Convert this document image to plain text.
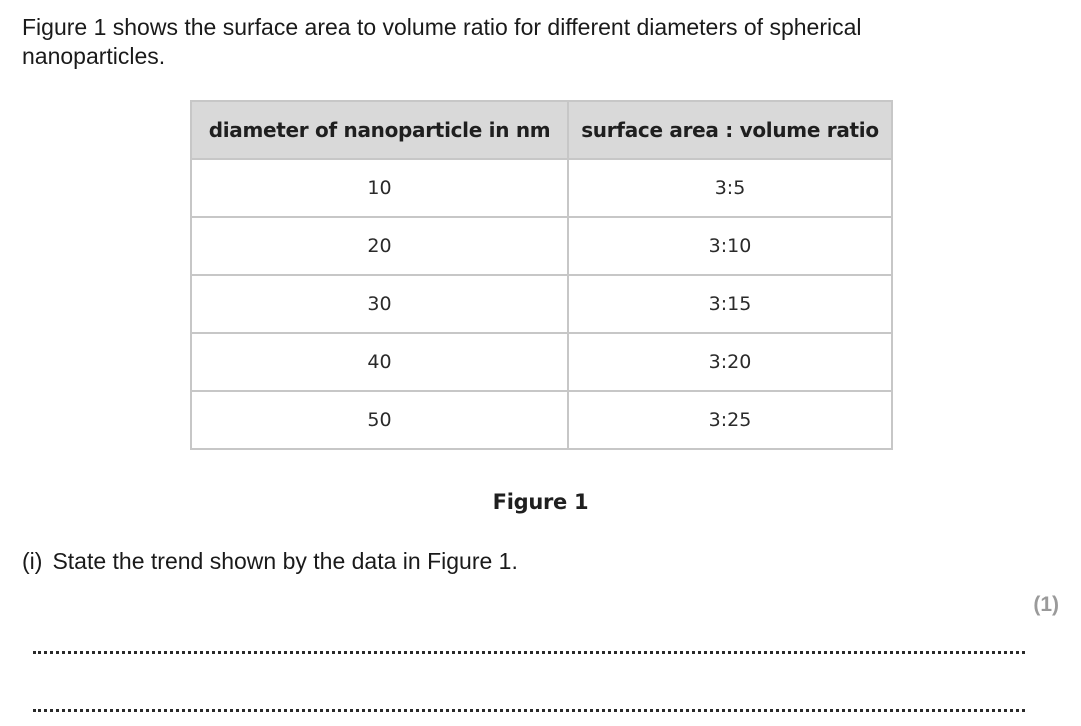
Figure 1 shows the surface area to volume ratio for different diameters of spherical nanoparticles.

diameter of nanoparticle in nm	surface area : volume ratio
10	3:5
20	3:10
30	3:15
40	3:20
50	3:25
Figure 1
(i) State the trend shown by the data in Figure 1.
(1)
